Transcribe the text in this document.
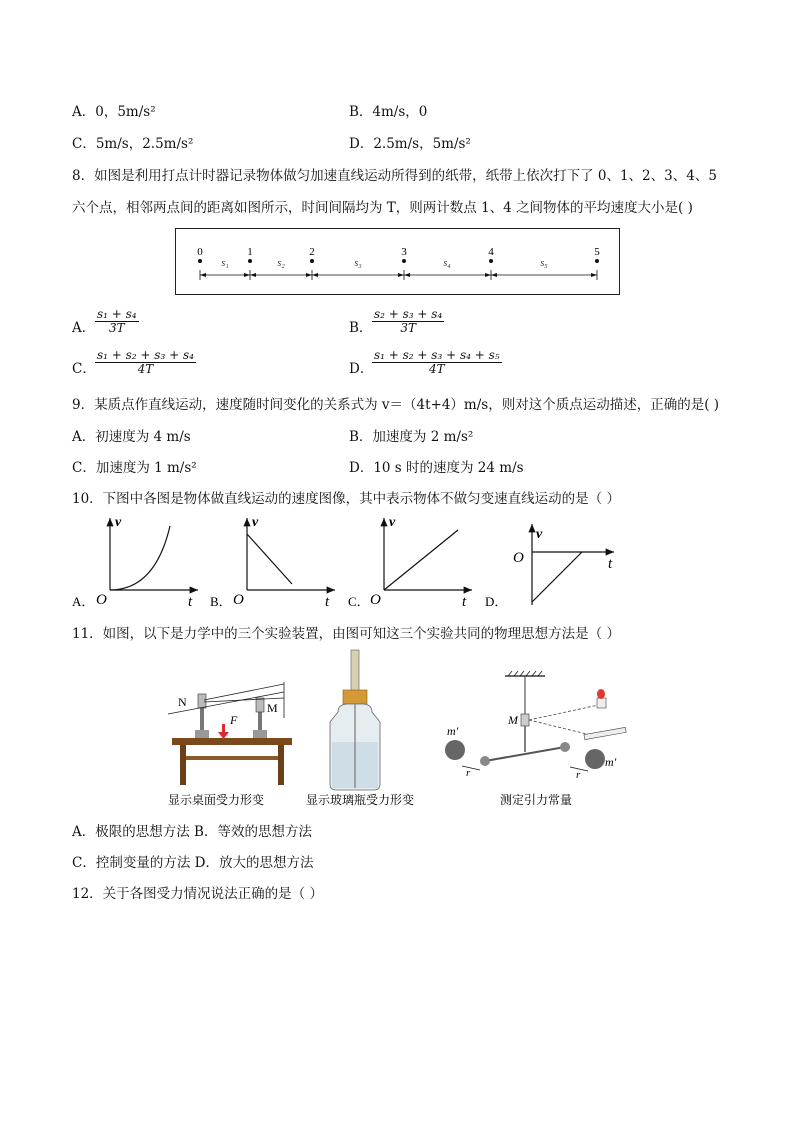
A．0，5m/s²	B．4m/s，0
C．5m/s，2.5m/s²	D．2.5m/s，5m/s²
8．如图是利用打点计时器记录物体做匀加速直线运动所得到的纸带，纸带上依次打下了 0、1、2、3、4、5
六个点，相邻两点间的距离如图所示，时间间隔均为 T，则两计数点 1、4 之间物体的平均速度大小是( )
0	1	2	3	4	5
s₁	s₂	s₃	s₄	s₅
A． $\frac{\text{s₁ + s₄}}{3T}$	B． $\frac{\text{s₂ + s₃ + s₄}}{3T}$
C． $\frac{\text{s₁ + s₂ + s₃ + s₄}}{4T}$	D．
$\frac{\text{s₁ + s₂ + s₃ + s₄ + s₅}}{4T}$
9．某质点作直线运动，速度随时间变化的关系式为 v＝（4t+4）m/s，则对这个质点运动描述，正确的是( )
A．初速度为 4 m/s	B．加速度为 2 m/s²
C．加速度为 1 m/s²	D．10 s 时的速度为 24 m/s
10．下图中各图是物体做直线运动的速度图像，其中表示物体不做匀变速直线运动的是（ ）
A．
v
t
O	B．
v
t
O	C．
v
t
O	D．
v
t
O
11．如图，以下是力学中的三个实验装置，由图可知这三个实验共同的物理思想方法是（ ）
N	M
F
m′
m′
M
r	r
显示桌面受力形变	显示玻璃瓶受力形变	测定引力常量
A．极限的思想方法 B．等效的思想方法
C．控制变量的方法 D．放大的思想方法
12．关于各图受力情况说法正确的是（ ）
